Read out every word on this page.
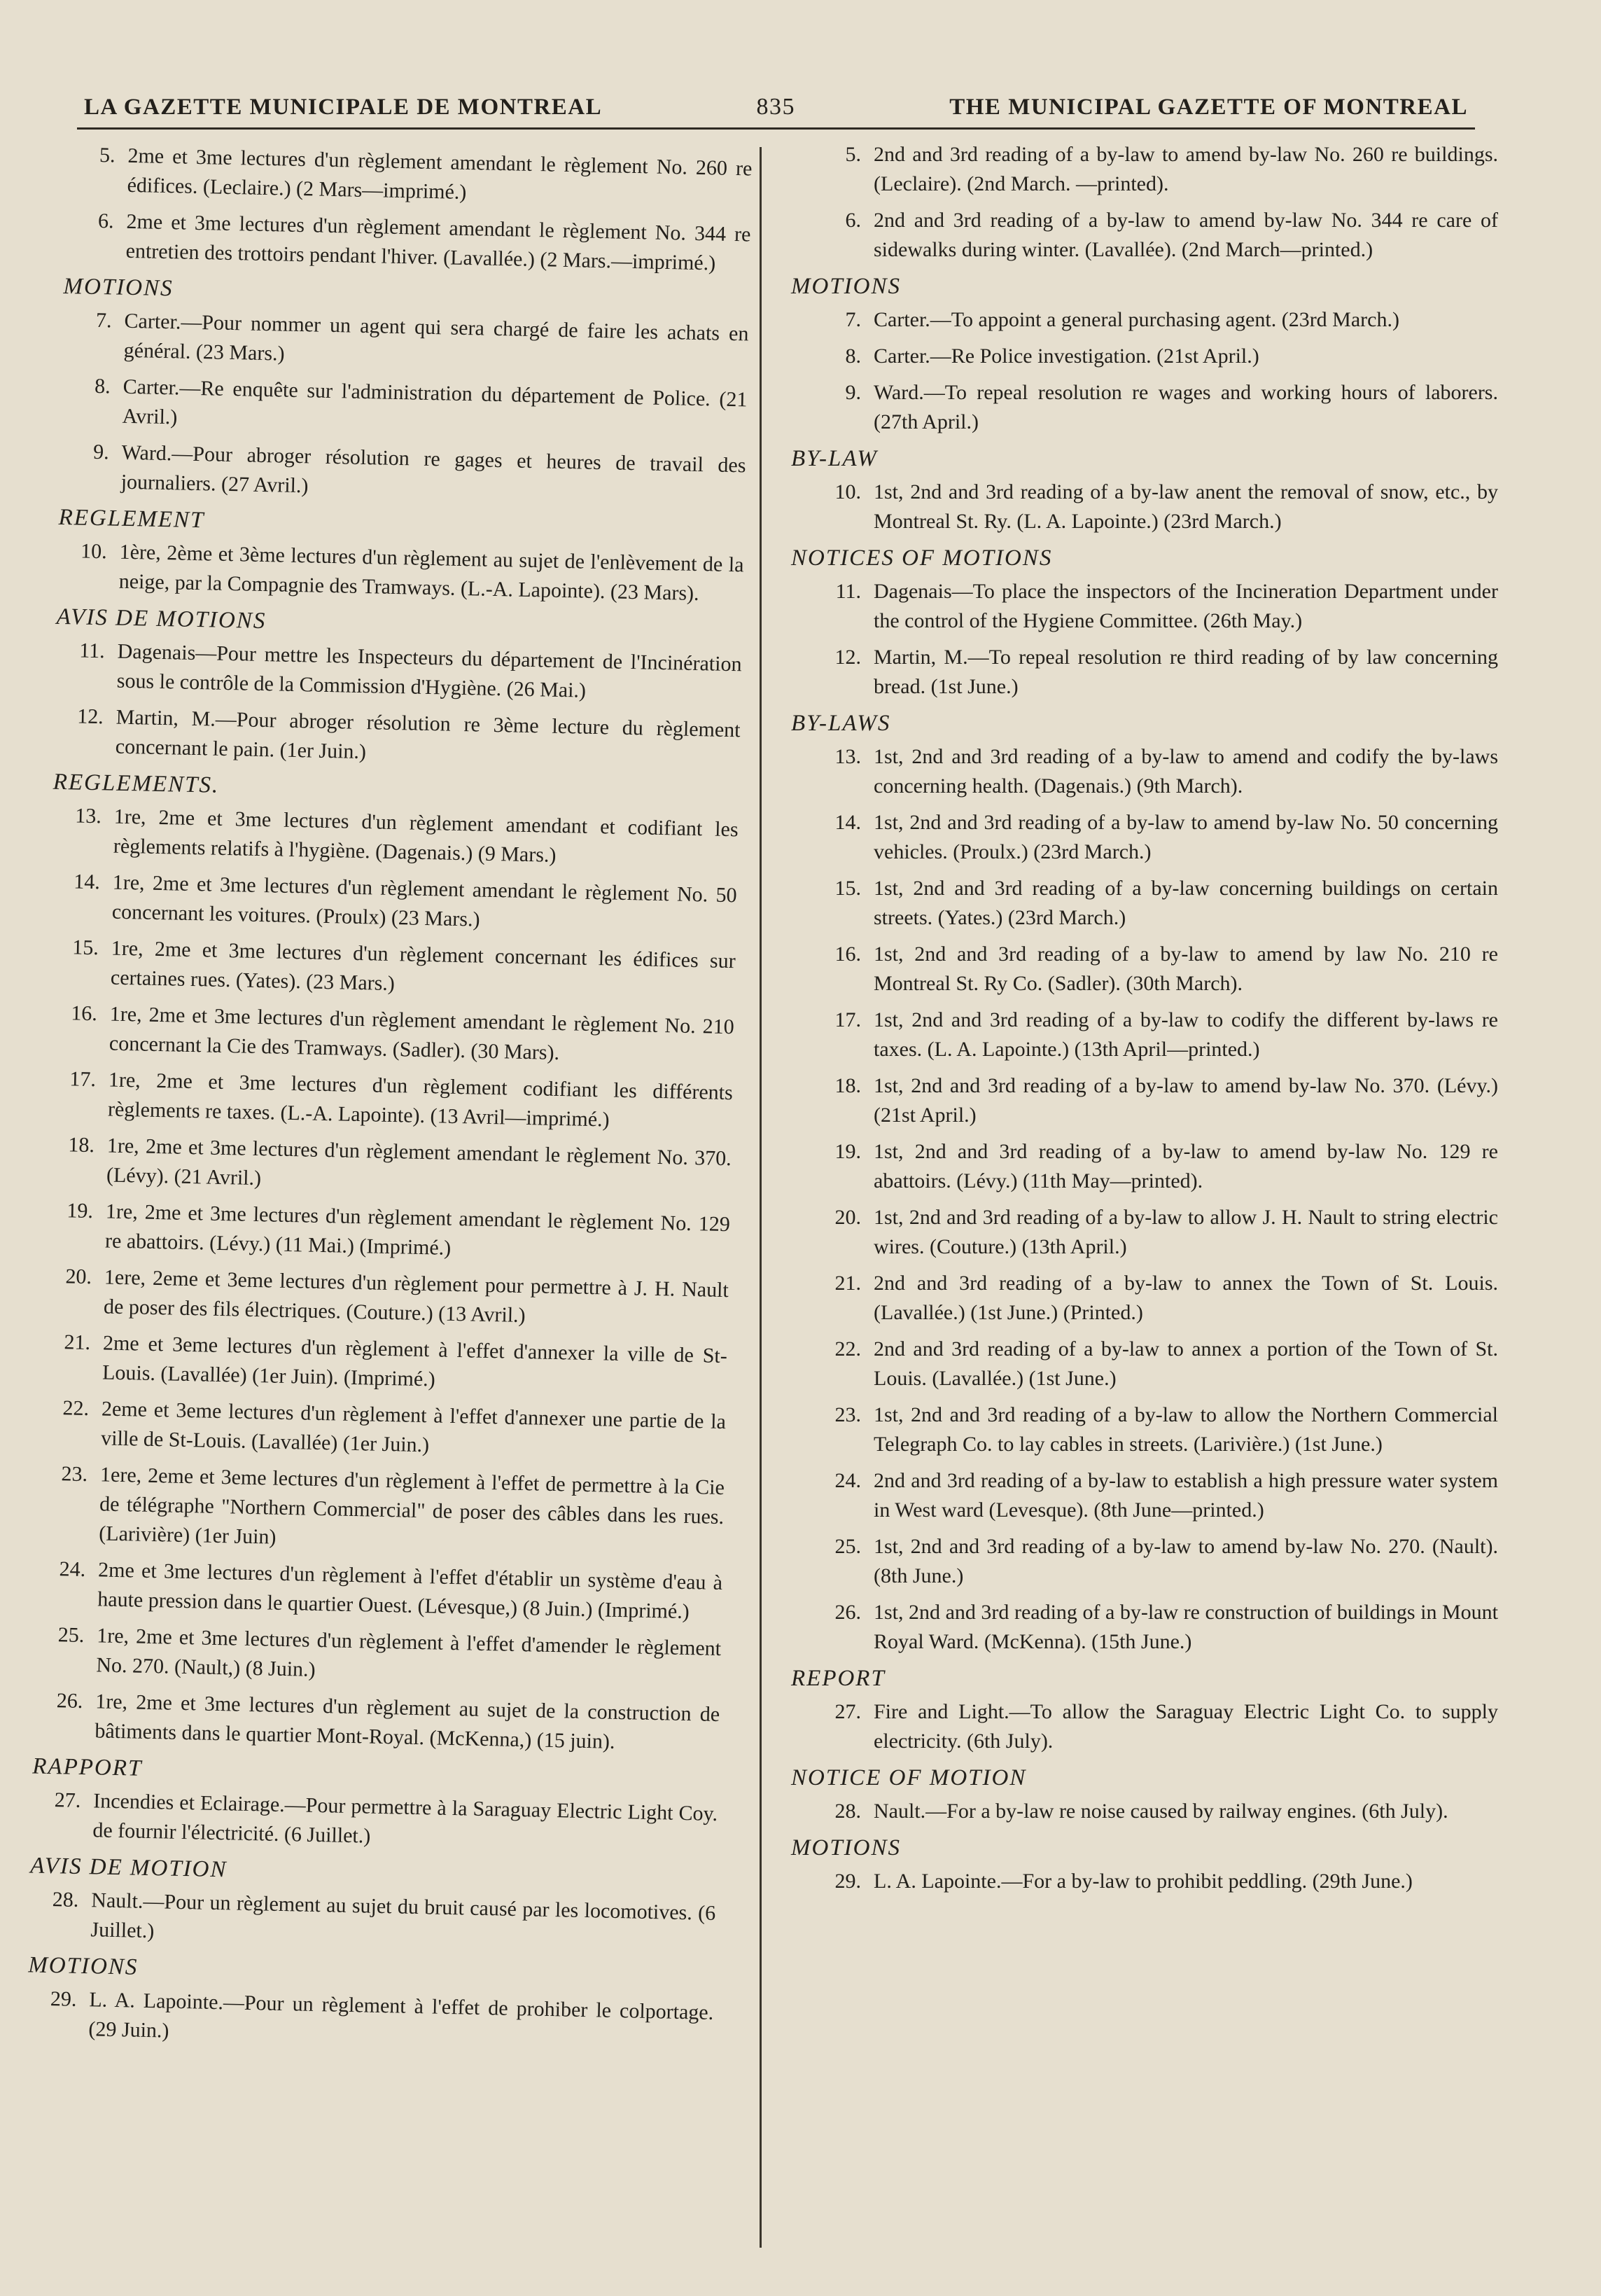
LA GAZETTE MUNICIPALE DE MONTREAL	835	THE MUNICIPAL GAZETTE OF MONTREAL
5. 2me et 3me lectures d'un règlement amendant le règlement No. 260 re édifices. (Leclaire.) (2 Mars—imprimé.)
6. 2me et 3me lectures d'un règlement amendant le règlement No. 344 re entretien des trottoirs pendant l'hiver. (Lavallée.) (2 Mars.—imprimé.)
MOTIONS
7. Carter.—Pour nommer un agent qui sera chargé de faire les achats en général. (23 Mars.)
8. Carter.—Re enquête sur l'administration du département de Police. (21 Avril.)
9. Ward.—Pour abroger résolution re gages et heures de travail des journaliers. (27 Avril.)
REGLEMENT
10. 1ère, 2ème et 3ème lectures d'un règlement au sujet de l'enlèvement de la neige, par la Compagnie des Tramways. (L.-A. Lapointe). (23 Mars).
AVIS DE MOTIONS
11. Dagenais—Pour mettre les Inspecteurs du département de l'Incinération sous le contrôle de la Commission d'Hygiène. (26 Mai.)
12. Martin, M.—Pour abroger résolution re 3ème lecture du règlement concernant le pain. (1er Juin.)
REGLEMENTS.
13. 1re, 2me et 3me lectures d'un règlement amendant et codifiant les règlements relatifs à l'hygiène. (Dagenais.) (9 Mars.)
14. 1re, 2me et 3me lectures d'un règlement amendant le règlement No. 50 concernant les voitures. (Proulx) (23 Mars.)
15. 1re, 2me et 3me lectures d'un règlement concernant les édifices sur certaines rues. (Yates). (23 Mars.)
16. 1re, 2me et 3me lectures d'un règlement amendant le règlement No. 210 concernant la Cie des Tramways. (Sadler). (30 Mars).
17. 1re, 2me et 3me lectures d'un règlement codifiant les différents règlements re taxes. (L.-A. Lapointe). (13 Avril—imprimé.)
18. 1re, 2me et 3me lectures d'un règlement amendant le règlement No. 370. (Lévy). (21 Avril.)
19. 1re, 2me et 3me lectures d'un règlement amendant le règlement No. 129 re abattoirs. (Lévy.) (11 Mai.) (Imprimé.)
20. 1ere, 2eme et 3eme lectures d'un règlement pour permettre à J. H. Nault de poser des fils électriques. (Couture.) (13 Avril.)
21. 2me et 3eme lectures d'un règlement à l'effet d'annexer la ville de St-Louis. (Lavallée) (1er Juin). (Imprimé.)
22. 2eme et 3eme lectures d'un règlement à l'effet d'annexer une partie de la ville de St-Louis. (Lavallée) (1er Juin.)
23. 1ere, 2eme et 3eme lectures d'un règlement à l'effet de permettre à la Cie de télégraphe "Northern Commercial" de poser des câbles dans les rues. (Larivière) (1er Juin)
24. 2me et 3me lectures d'un règlement à l'effet d'établir un système d'eau à haute pression dans le quartier Ouest. (Lévesque,) (8 Juin.) (Imprimé.)
25. 1re, 2me et 3me lectures d'un règlement à l'effet d'amender le règlement No. 270. (Nault,) (8 Juin.)
26. 1re, 2me et 3me lectures d'un règlement au sujet de la construction de bâtiments dans le quartier Mont-Royal. (McKenna,) (15 juin).
RAPPORT
27. Incendies et Eclairage.—Pour permettre à la Saraguay Electric Light Coy. de fournir l'électricité. (6 Juillet.)
AVIS DE MOTION
28. Nault.—Pour un règlement au sujet du bruit causé par les locomotives. (6 Juillet.)
MOTIONS
29. L. A. Lapointe.—Pour un règlement à l'effet de prohiber le colportage. (29 Juin.)
5. 2nd and 3rd reading of a by-law to amend by-law No. 260 re buildings. (Leclaire). (2nd March. —printed).
6. 2nd and 3rd reading of a by-law to amend by-law No. 344 re care of sidewalks during winter. (Lavallée). (2nd March—printed.)
MOTIONS
7. Carter.—To appoint a general purchasing agent. (23rd March.)
8. Carter.—Re Police investigation. (21st April.)
9. Ward.—To repeal resolution re wages and working hours of laborers. (27th April.)
BY-LAW
10. 1st, 2nd and 3rd reading of a by-law anent the removal of snow, etc., by Montreal St. Ry. (L. A. Lapointe.) (23rd March.)
NOTICES OF MOTIONS
11. Dagenais—To place the inspectors of the Incineration Department under the control of the Hygiene Committee. (26th May.)
12. Martin, M.—To repeal resolution re third reading of by law concerning bread. (1st June.)
BY-LAWS
13. 1st, 2nd and 3rd reading of a by-law to amend and codify the by-laws concerning health. (Dagenais.) (9th March).
14. 1st, 2nd and 3rd reading of a by-law to amend by-law No. 50 concerning vehicles. (Proulx.) (23rd March.)
15. 1st, 2nd and 3rd reading of a by-law concerning buildings on certain streets. (Yates.) (23rd March.)
16. 1st, 2nd and 3rd reading of a by-law to amend by law No. 210 re Montreal St. Ry Co. (Sadler). (30th March).
17. 1st, 2nd and 3rd reading of a by-law to codify the different by-laws re taxes. (L. A. Lapointe.) (13th April—printed.)
18. 1st, 2nd and 3rd reading of a by-law to amend by-law No. 370. (Lévy.) (21st April.)
19. 1st, 2nd and 3rd reading of a by-law to amend by-law No. 129 re abattoirs. (Lévy.) (11th May—printed).
20. 1st, 2nd and 3rd reading of a by-law to allow J. H. Nault to string electric wires. (Couture.) (13th April.)
21. 2nd and 3rd reading of a by-law to annex the Town of St. Louis. (Lavallée.) (1st June.) (Printed.)
22. 2nd and 3rd reading of a by-law to annex a portion of the Town of St. Louis. (Lavallée.) (1st June.)
23. 1st, 2nd and 3rd reading of a by-law to allow the Northern Commercial Telegraph Co. to lay cables in streets. (Larivière.) (1st June.)
24. 2nd and 3rd reading of a by-law to establish a high pressure water system in West ward (Levesque). (8th June—printed.)
25. 1st, 2nd and 3rd reading of a by-law to amend by-law No. 270. (Nault). (8th June.)
26. 1st, 2nd and 3rd reading of a by-law re construction of buildings in Mount Royal Ward. (McKenna). (15th June.)
REPORT
27. Fire and Light.—To allow the Saraguay Electric Light Co. to supply electricity. (6th July).
NOTICE OF MOTION
28. Nault.—For a by-law re noise caused by railway engines. (6th July).
MOTIONS
29. L. A. Lapointe.—For a by-law to prohibit peddling. (29th June.)
